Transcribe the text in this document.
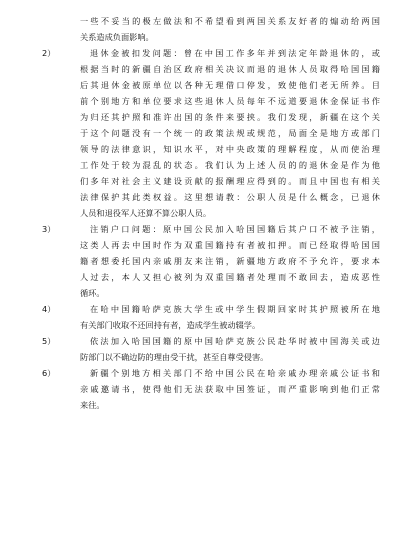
一些不妥当的极左做法和不希望看到两国关系友好者的煽动给两国
关系造成负面影响。
2）	退休金被扣发问题：曾在中国工作多年并到法定年龄退休的，或
根据当时的新疆自治区政府相关决议而退的退休人员取得哈国国籍
后其退休金被原单位以各种无理借口停发，致使他们老无所养。目
前个别地方和单位要求这些退休人员每年不远道要退休金保证书作
为归还其护照和准许出国的条件来要挟。我们发现，新疆在这个关
于这个问题没有一个统一的政策法规或规范，局面全是地方或部门
领导的法律意识，知识水平，对中央政策的理解程度，从而使治理
工作处于较为混乱的状态。我们认为上述人员的的退休金是作为他
们多年对社会主义建设贡献的报酬理应得到的。而且中国也有相关
法律保护其此类权益。这里想请教：公职人员是什么概念，已退休
人员和退役军人还算不算公职人员。
3）	注销户口问题：原中国公民加入哈国国籍后其户口不被予注销，
这类人再去中国时作为双重国籍持有者被扣押。而已经取得哈国国
籍者想委托国内亲戚朋友来注销，新疆地方政府不予允许，要求本
人过去，本人又担心被列为双重国籍者处理而不敢回去，造成恶性
循环。
4）	在哈中国籍哈萨克族大学生或中学生假期回家时其护照被所在地
有关部门收取不还回持有者，造成学生被动辍学。
5）	依法加入哈国国籍的原中国哈萨克族公民赴华时被中国海关或边
防部门以不确边防的理由受干扰，甚至自尊受侵害。
6）	新疆个别地方相关部门不给中国公民在哈亲戚办理亲戚公证书和
亲戚邀请书，使得他们无法获取中国签证，而严重影响到他们正常
来往。
